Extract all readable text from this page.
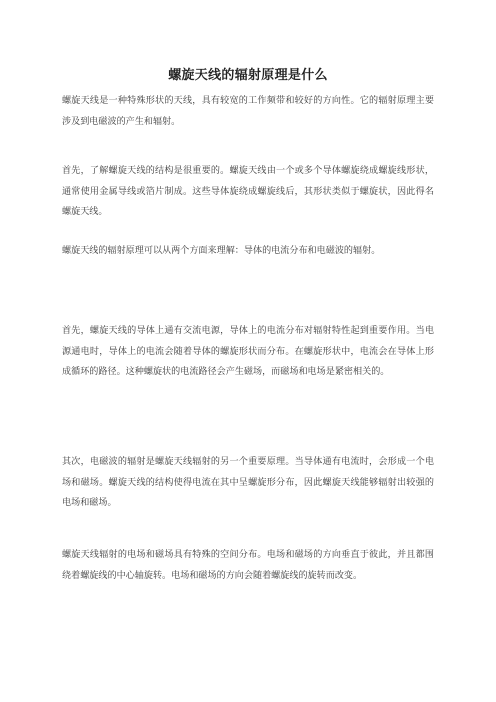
螺旋天线的辐射原理是什么

螺旋天线是一种特殊形状的天线，具有较宽的工作频带和较好的方向性。它的辐射原理主要涉及到电磁波的产生和辐射。

首先，了解螺旋天线的结构是很重要的。螺旋天线由一个或多个导体螺旋绕成螺旋线形状，通常使用金属导线或箔片制成。这些导体旋绕成螺旋线后，其形状类似于螺旋状，因此得名螺旋天线。

螺旋天线的辐射原理可以从两个方面来理解：导体的电流分布和电磁波的辐射。

首先，螺旋天线的导体上通有交流电源，导体上的电流分布对辐射特性起到重要作用。当电源通电时，导体上的电流会随着导体的螺旋形状而分布。在螺旋形状中，电流会在导体上形成循环的路径。这种螺旋状的电流路径会产生磁场，而磁场和电场是紧密相关的。

其次，电磁波的辐射是螺旋天线辐射的另一个重要原理。当导体通有电流时，会形成一个电场和磁场。螺旋天线的结构使得电流在其中呈螺旋形分布，因此螺旋天线能够辐射出较强的电场和磁场。

螺旋天线辐射的电场和磁场具有特殊的空间分布。电场和磁场的方向垂直于彼此，并且都围绕着螺旋线的中心轴旋转。电场和磁场的方向会随着螺旋线的旋转而改变。
